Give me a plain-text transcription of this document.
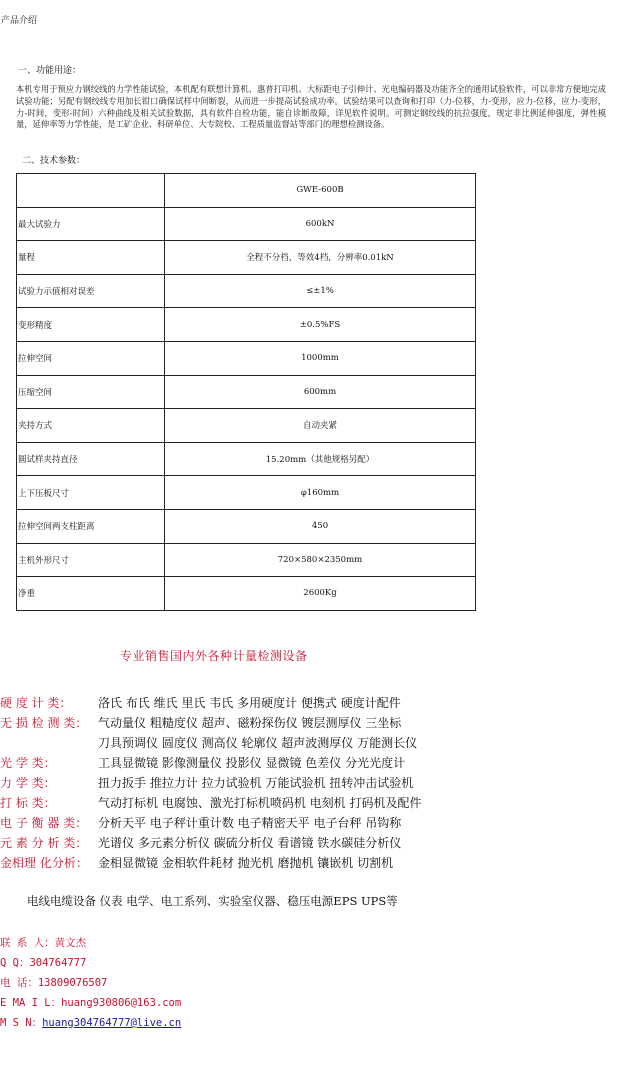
产品介绍
一、功能用途：
本机专用于预应力钢绞线的力学性能试验，本机配有联想计算机、惠普打印机、大标距电子引伸计、光电编码器及功能齐全的通用试验软件，可以非常方便地完成试验功能；另配有钢绞线专用加长钳口确保试样中间断裂，从而进一步提高试验成功率。试验结果可以查询和打印（力-位移，力-变形，应力-位移，应力-变形，力-时间，变形-时间）六种曲线及相关试验数据，具有软件自检功能，能自诊断故障，详见软件说明。可测定钢绞线的抗拉强度，规定非比例延伸强度，弹性模量，延伸率等力学性能，是工矿企业、科研单位、大专院校、工程质量监督站等部门的理想检测设备。
二、技术参数：
	GWE-600B
最大试验力	600kN
量程	全程不分档，等效4档，分辨率0.01kN
试验力示值相对误差	≤±1%
变形精度	±0.5%FS
拉伸空间	1000mm
压缩空间	600mm
夹持方式	自动夹紧
圆试样夹持直径	15.20mm（其他规格另配）
上下压板尺寸	φ160mm
拉伸空间两支柱距离	450
主机外形尺寸	720×580×2350mm
净重	2600Kg
专业销售国内外各种计量检测设备
硬 度 计 类： 洛氏 布氏 维氏 里氏 韦氏 多用硬度计 便携式 硬度计配件
无 损 检 测 类： 气动量仪 粗糙度仪 超声、磁粉探伤仪 镀层测厚仪 三坐标
刀具预调仪 圆度仪 测高仪 轮廓仪 超声波测厚仪 万能测长仪
光 学 类：	工具显微镜 影像测量仪 投影仪 显微镜 色差仪 分光光度计
力 学 类：	扭力扳手 推拉力计 拉力试验机 万能试验机 扭转冲击试验机
打 标 类：	气动打标机 电腐蚀、激光打标机喷码机 电刻机 打码机及配件
电 子 衡 器 类： 分析天平 电子秤计重计数 电子精密天平 电子台秤 吊钩称
元 素 分 析 类： 光谱仪 多元素分析仪 碳硫分析仪 看谱镜 铁水碳硅分析仪
金相理 化分析： 金相显微镜 金相软件耗材 抛光机 磨抛机 镶嵌机 切割机
电线电缆设备 仪表 电学、电工系列、实验室仪器、稳压电源EPS UPS等
联 系 人：黄文杰
Q Q：304764777
电 话：13809076507
E MA I L：huang930806@163.com
M S N：huang304764777@live.cn
